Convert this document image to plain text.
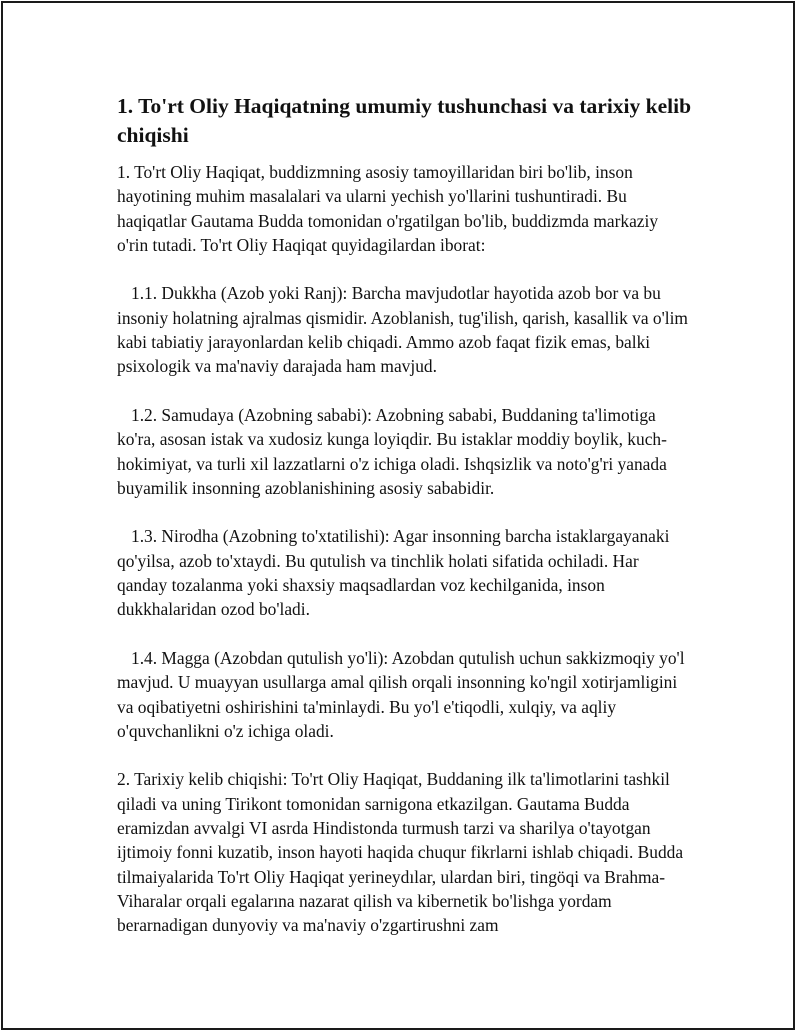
1. To'rt Oliy Haqiqatning umumiy tushunchasi va tarixiy kelib chiqishi

1. To'rt Oliy Haqiqat, buddizmning asosiy tamoyillaridan biri bo'lib, inson hayotining muhim masalalari va ularni yechish yo'llarini tushuntiradi. Bu haqiqatlar Gautama Budda tomonidan o'rgatilgan bo'lib, buddizmda markaziy o'rin tutadi. To'rt Oliy Haqiqat quyidagilardan iborat:

1.1. Dukkha (Azob yoki Ranj): Barcha mavjudotlar hayotida azob bor va bu insoniy holatning ajralmas qismidir. Azoblanish, tug'ilish, qarish, kasallik va o'lim kabi tabiatiy jarayonlardan kelib chiqadi. Ammo azob faqat fizik emas, balki psixologik va ma'naviy darajada ham mavjud.

1.2. Samudaya (Azobning sababi): Azobning sababi, Buddaning ta'limotiga ko'ra, asosan istak va xudosiz kunga loyiqdir. Bu istaklar moddiy boylik, kuch-hokimiyat, va turli xil lazzatlarni o'z ichiga oladi. Ishqsizlik va noto'g'ri yanada buyamilik insonning azoblanishining asosiy sababidir.

1.3. Nirodha (Azobning to'xtatilishi): Agar insonning barcha istaklargayanaki qo'yilsa, azob to'xtaydi. Bu qutulish va tinchlik holati sifatida ochiladi. Har qanday tozalanma yoki shaxsiy maqsadlardan voz kechilganida, inson dukkhalaridan ozod bo'ladi.

1.4. Magga (Azobdan qutulish yo'li): Azobdan qutulish uchun sakkizmoqiy yo'l mavjud. U muayyan usullarga amal qilish orqali insonning ko'ngil xotirjamligini va oqibatiyetni oshirishini ta'minlaydi. Bu yo'l e'tiqodli, xulqiy, va aqliy o'quvchanlikni o'z ichiga oladi.

2. Tarixiy kelib chiqishi: To'rt Oliy Haqiqat, Buddaning ilk ta'limotlarini tashkil qiladi va uning Tirikont tomonidan sarnigona etkazilgan. Gautama Budda eramizdan avvalgi VI asrda Hindistonda turmush tarzi va sharilya o'tayotgan ijtimoiy fonni kuzatib, inson hayoti haqida chuqur fikrlarni ishlab chiqadi. Budda tilmaiyalarida To'rt Oliy Haqiqat yerineydılar, ulardan biri, tingöqi va Brahma-Viharalar orqali egalarına nazarat qilish va kibernetik bo'lishga yordam berarnadigan dunyoviy va ma'naviy o'zgartirushni zam
